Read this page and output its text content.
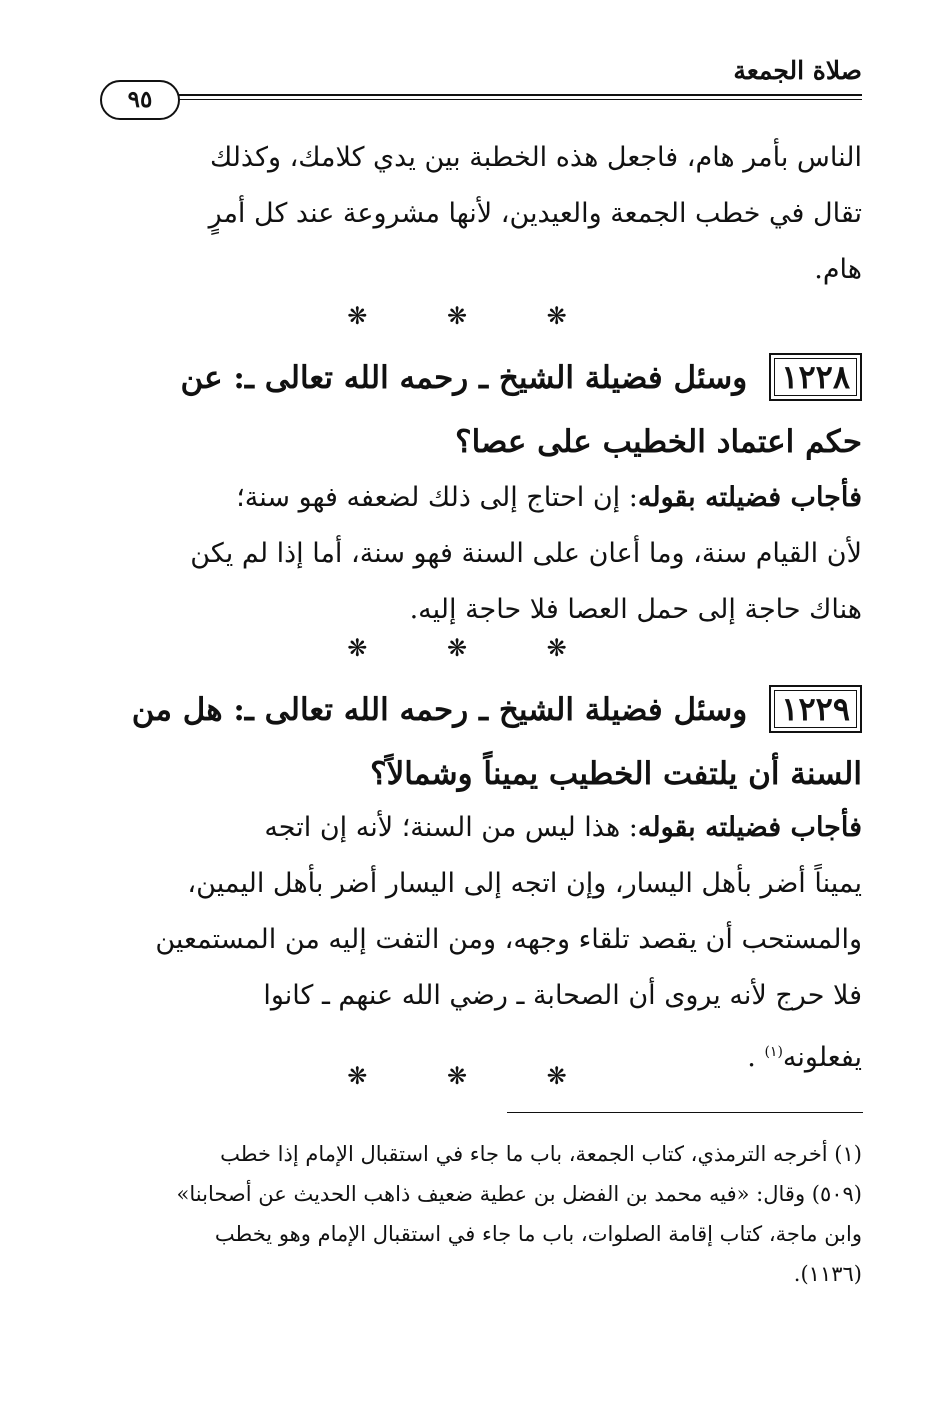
صلاة الجمعة
٩٥
الناس بأمر هام، فاجعل هذه الخطبة بين يدي كلامك، وكذلك
تقال في خطب الجمعة والعيدين، لأنها مشروعة عند كل أمرٍ
هام.
❋ ❋ ❋
١٢٢٨وسئل فضيلة الشيخ ـ رحمه الله تعالى ـ: عن
حكم اعتماد الخطيب على عصا؟
فأجاب فضيلته بقوله: إن احتاج إلى ذلك لضعفه فهو سنة؛
لأن القيام سنة، وما أعان على السنة فهو سنة، أما إذا لم يكن
هناك حاجة إلى حمل العصا فلا حاجة إليه.
❋ ❋ ❋
١٢٢٩وسئل فضيلة الشيخ ـ رحمه الله تعالى ـ: هل من
السنة أن يلتفت الخطيب يميناً وشمالاً؟
فأجاب فضيلته بقوله: هذا ليس من السنة؛ لأنه إن اتجه
يميناً أضر بأهل اليسار، وإن اتجه إلى اليسار أضر بأهل اليمين،
والمستحب أن يقصد تلقاء وجهه، ومن التفت إليه من المستمعين
فلا حرج لأنه يروى أن الصحابة ـ رضي الله عنهم ـ كانوا
يفعلونه$^{(١)}$ .
❋ ❋ ❋
(١) أخرجه الترمذي، كتاب الجمعة، باب ما جاء في استقبال الإمام إذا خطب
(٥٠٩) وقال: «فيه محمد بن الفضل بن عطية ضعيف ذاهب الحديث عن أصحابنا»
وابن ماجة، كتاب إقامة الصلوات، باب ما جاء في استقبال الإمام وهو يخطب
(١١٣٦).
